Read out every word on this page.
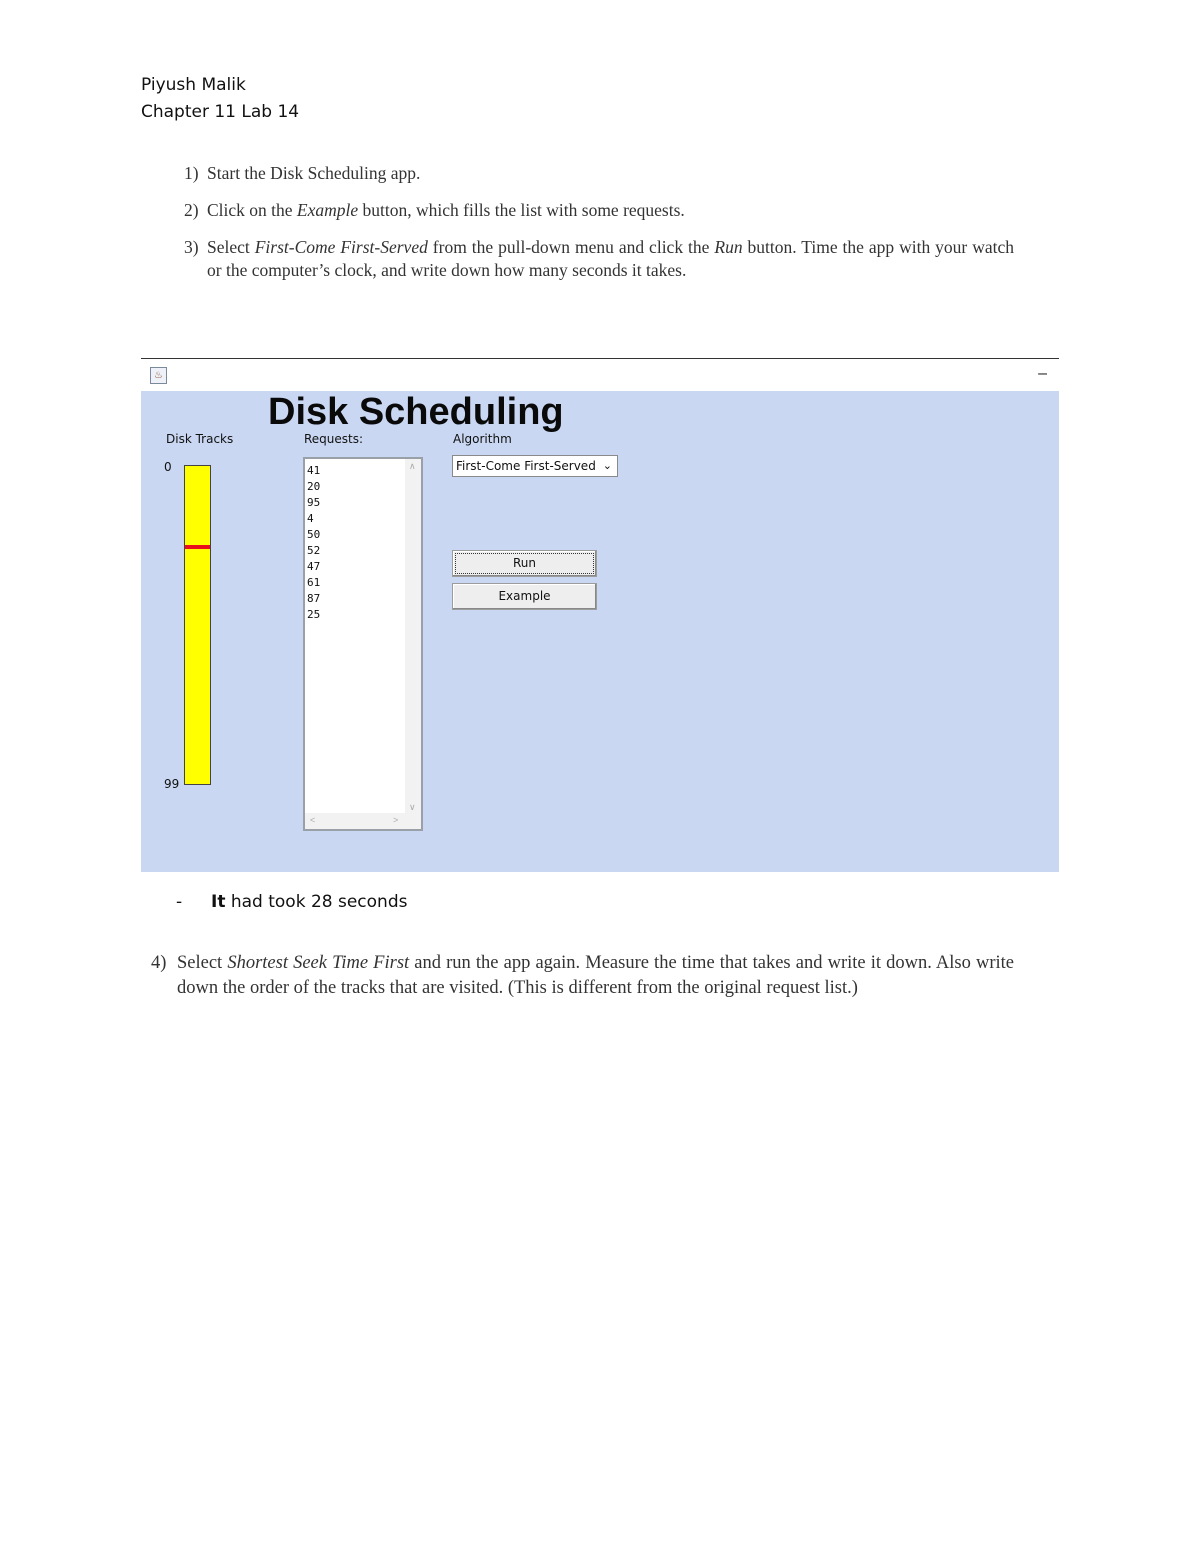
Piyush Malik
Chapter 11 Lab 14
1) Start the Disk Scheduling app.
2) Click on the Example button, which fills the list with some requests.
3) Select First-Come First-Served from the pull-down menu and click the Run button. Time the app with your watch or the computer’s clock, and write down how many seconds it takes.
♨	–
Disk Scheduling
Disk Tracks	Requests:	Algorithm
0
99
41
20
95
4
50
52
47
61
87
25
∧
∨
<	>
First-Come First-Served ⌄
Run
Example
- It had took 28 seconds
4) Select Shortest Seek Time First and run the app again. Measure the time that takes and write it down. Also write down the order of the tracks that are visited. (This is different from the original request list.)
